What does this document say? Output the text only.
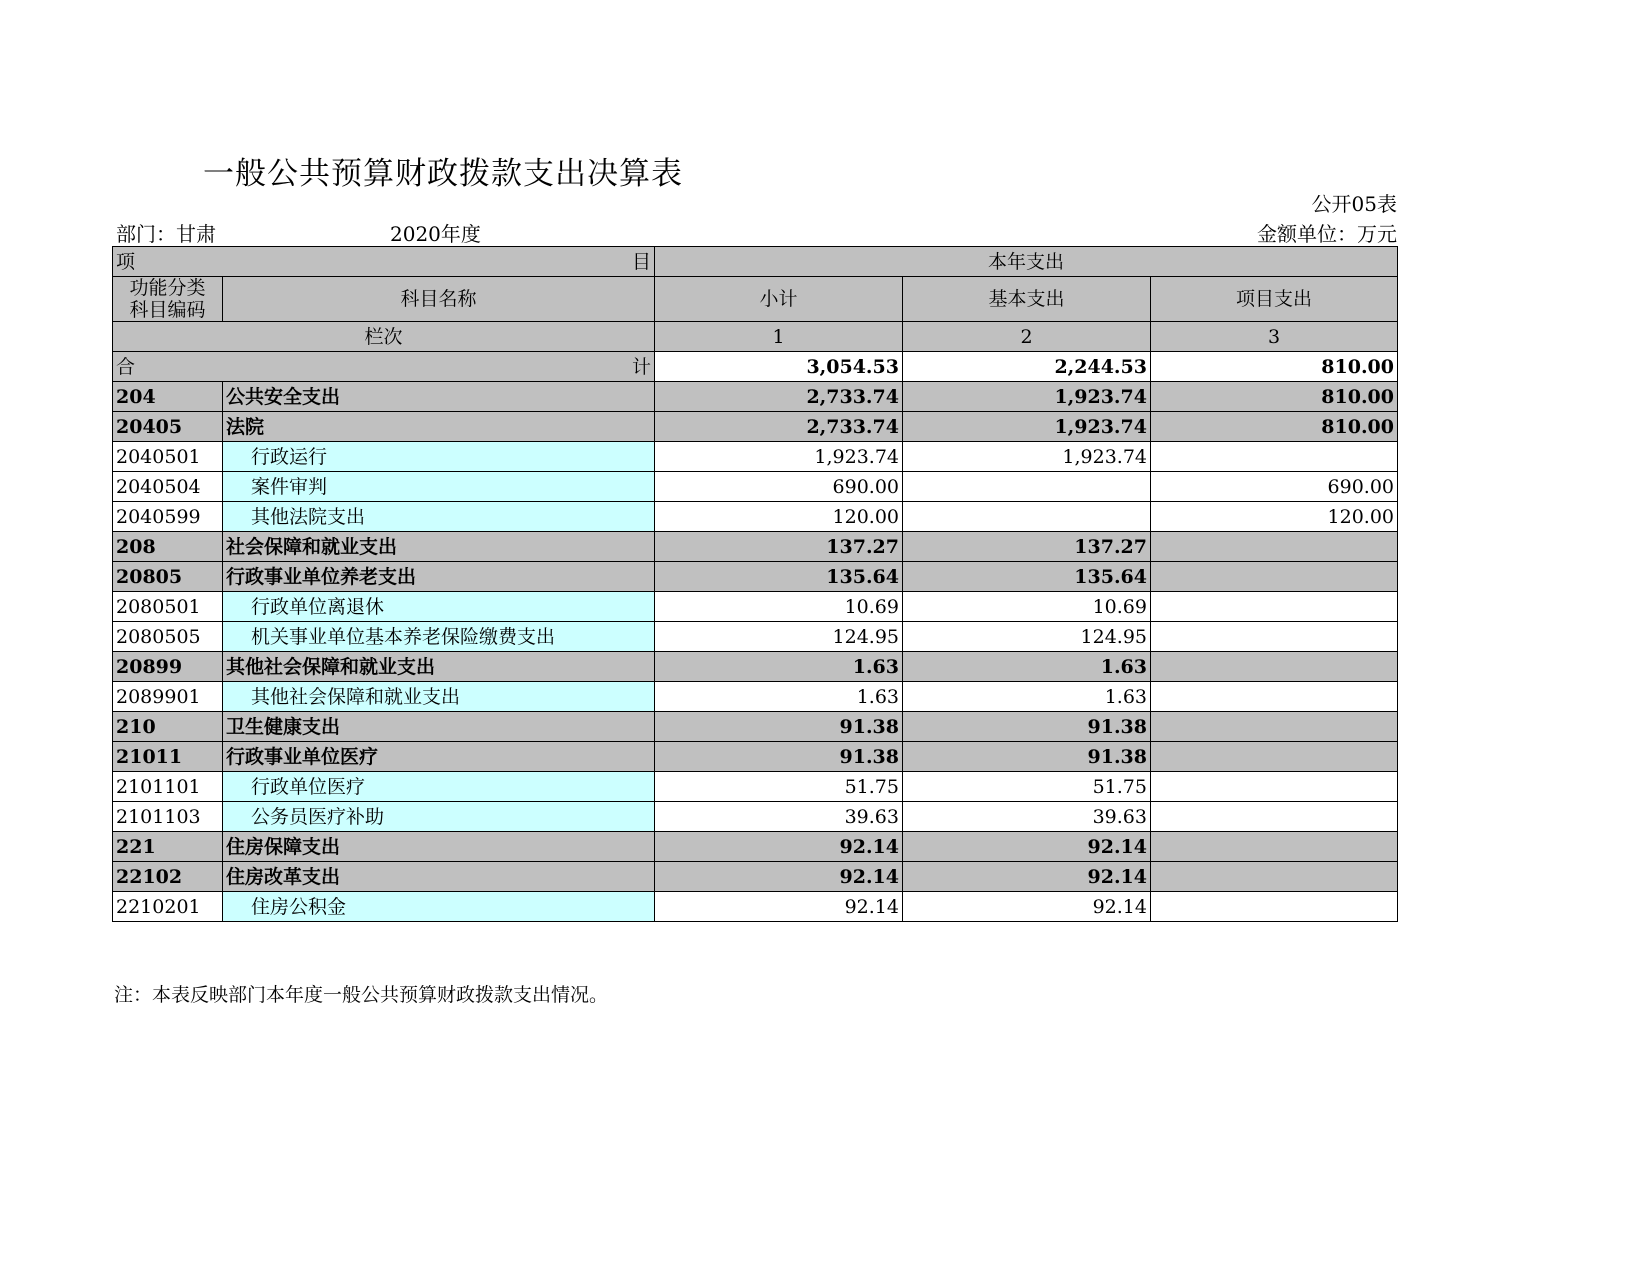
一般公共预算财政拨款支出决算表
公开05表
部门：甘肃	2020年度	金额单位：万元
项 目		本年支出		

功能分类
科目编码	科目名称	小计	基本支出	项目支出
栏次		1	2	3

合 计		3,054.53	2,244.53	810.00
204	公共安全支出	2,733.74	1,923.74	810.00
20405	法院	2,733.74	1,923.74	810.00
2040501	行政运行	1,923.74	1,923.74	
2040504	案件审判	690.00		690.00
2040599	其他法院支出	120.00		120.00
208	社会保障和就业支出	137.27	137.27	
20805	行政事业单位养老支出	135.64	135.64	
2080501	行政单位离退休	10.69	10.69	
2080505	机关事业单位基本养老保险缴费支出	124.95	124.95	
20899	其他社会保障和就业支出	1.63	1.63	
2089901	其他社会保障和就业支出	1.63	1.63	
210	卫生健康支出	91.38	91.38	
21011	行政事业单位医疗	91.38	91.38	
2101101	行政单位医疗	51.75	51.75	
2101103	公务员医疗补助	39.63	39.63	
221	住房保障支出	92.14	92.14	
22102	住房改革支出	92.14	92.14	
2210201	住房公积金	92.14	92.14	
注：本表反映部门本年度一般公共预算财政拨款支出情况。
